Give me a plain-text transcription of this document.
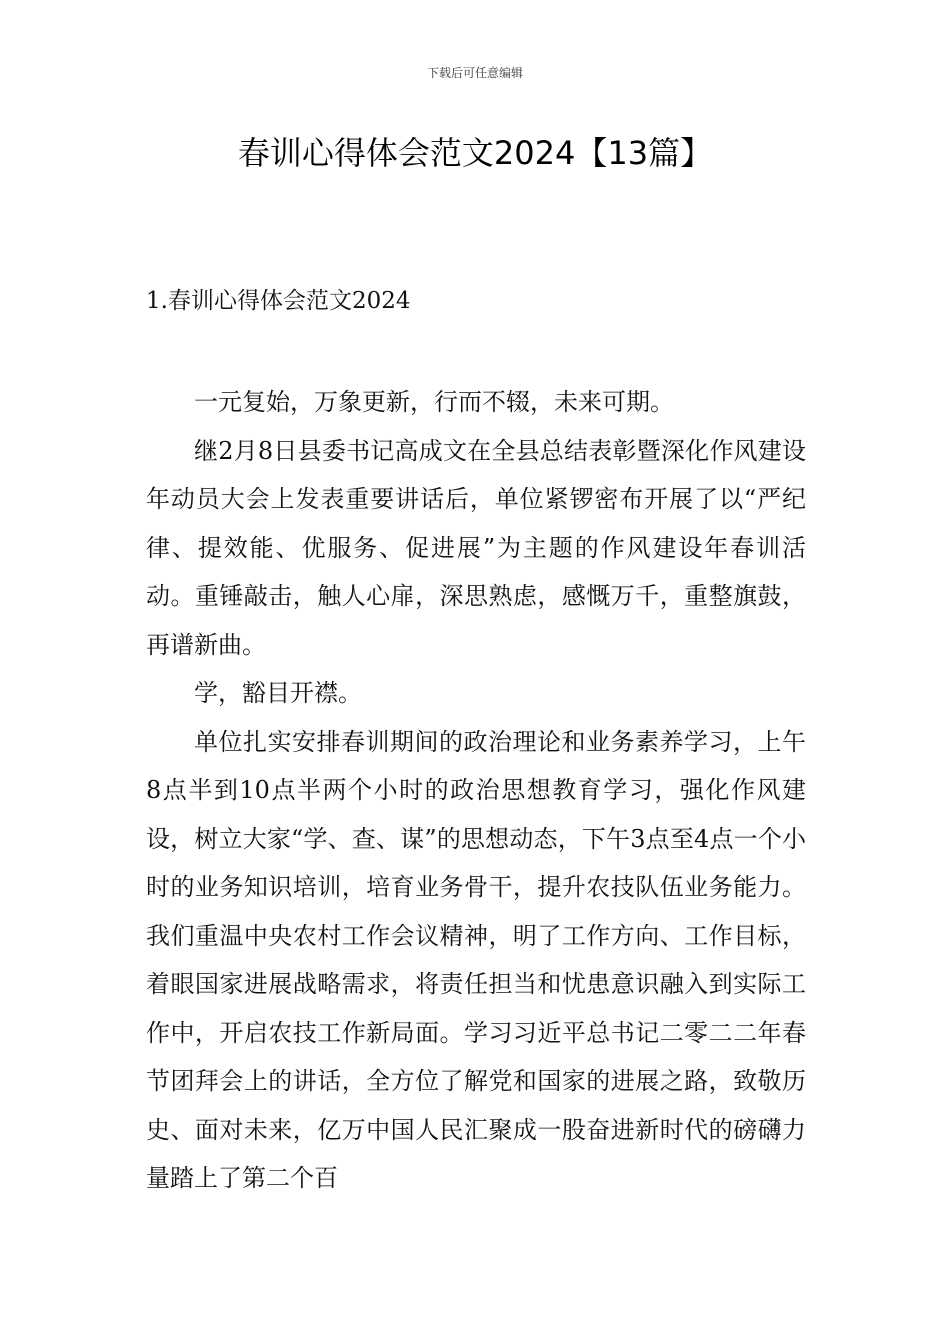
下载后可任意编辑
春训心得体会范文2024【13篇】
1.春训心得体会范文2024

一元复始，万象更新，行而不辍，未来可期。

继2月8日县委书记高成文在全县总结表彰暨深化作风建设年动员大会上发表重要讲话后，单位紧锣密布开展了以“严纪律、提效能、优服务、促进展”为主题的作风建设年春训活动。重锤敲击，触人心扉，深思熟虑，感慨万千，重整旗鼓，再谱新曲。

学，豁目开襟。

单位扎实安排春训期间的政治理论和业务素养学习，上午8点半到10点半两个小时的政治思想教育学习，强化作风建设，树立大家“学、查、谋”的思想动态，下午3点至4点一个小时的业务知识培训，培育业务骨干，提升农技队伍业务能力。我们重温中央农村工作会议精神，明了工作方向、工作目标，着眼国家进展战略需求，将责任担当和忧患意识融入到实际工作中，开启农技工作新局面。学习习近平总书记二零二二年春节团拜会上的讲话，全方位了解党和国家的进展之路，致敬历史、面对未来，亿万中国人民汇聚成一股奋进新时代的磅礴力量踏上了第二个百
